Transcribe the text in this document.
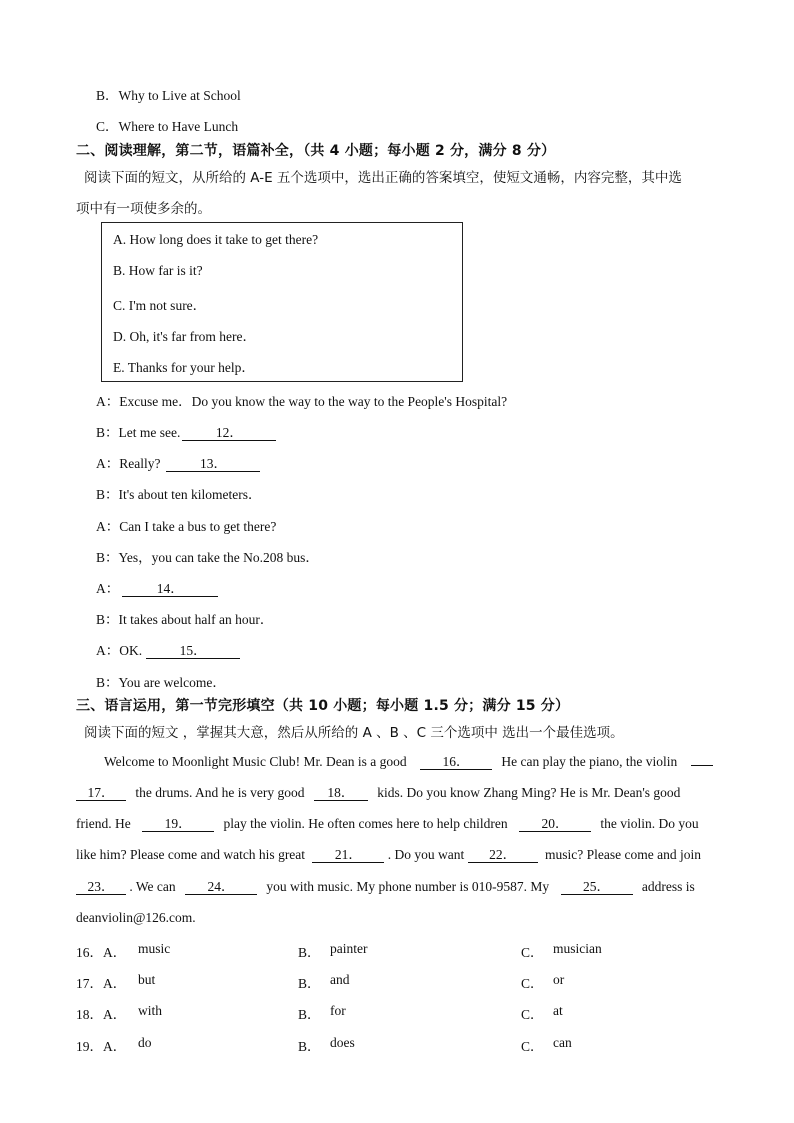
B．Why to Live at School
C．Where to Have Lunch
二、阅读理解，第二节，语篇补全，（共 4 小题；每小题 2 分，满分 8 分）
阅读下面的短文，从所给的 A-E 五个选项中，选出正确的答案填空，使短文通畅，内容完整，其中选
项中有一项使多余的。
A. How long does it take to get there?
B. How far is it?
C. I'm not sure．
D. Oh, it's far from here．
E. Thanks for your help．
A：Excuse me．Do you know the way to the way to the People's Hospital?
B：Let me see.	12．
A：Really?	13．
B：It's about ten kilometers．
A：Can I take a bus to get there?
B：Yes，you can take the No.208 bus．
A：	14．
B：It takes about half an hour．
A：OK.	15．
B：You are welcome．
三、语言运用，第一节完形填空（共 10 小题；每小题 1.5 分；满分 15 分）
阅读下面的短文 ，掌握其大意，然后从所给的 A 、B 、C 三个选项中 选出一个最佳选项。
Welcome to Moonlight Music Club! Mr. Dean is a good	16． He can play the piano, the violin
17． the drums. And he is very good 18． kids. Do you know Zhang Ming? He is Mr. Dean's good
friend. He	19． play the violin. He often comes here to help children	20． the violin. Do you
like him? Please come and watch his great 21． . Do you want 22． music? Please come and join
23． . We can 24． you with music. My phone number is 010-9587. My	25． address is
deanviolin@126.com.
16．A． music	B． painter	C． musician
17．A． but	B． and	C． or
18．A． with	B． for	C． at
19．A． do	B． does	C． can
